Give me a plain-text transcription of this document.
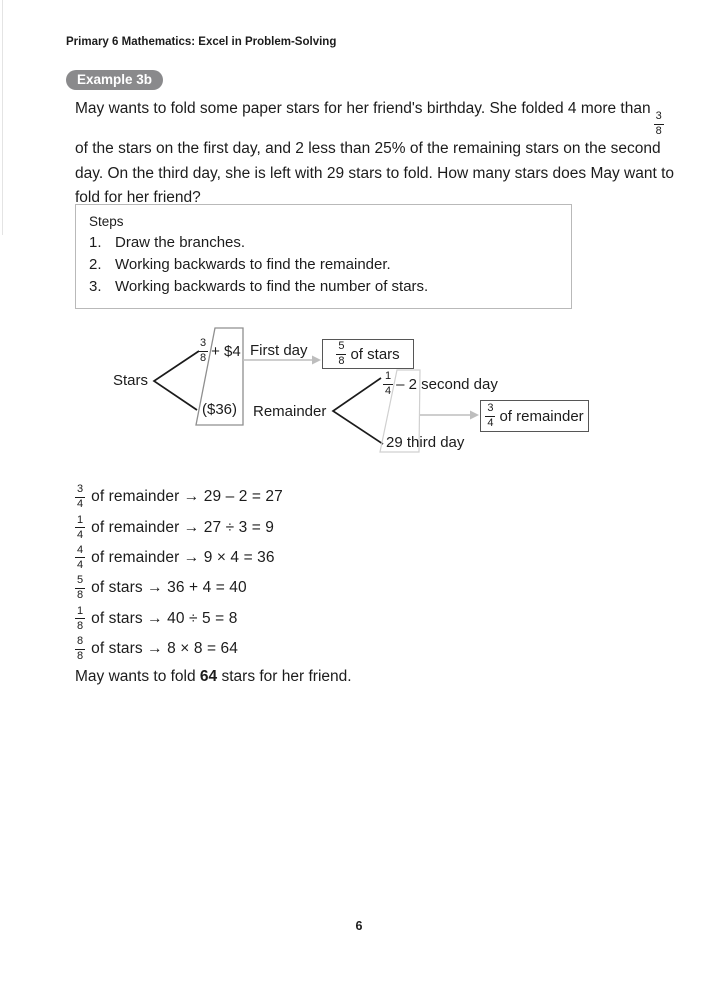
Primary 6 Mathematics: Excel in Problem-Solving
Example 3b
May wants to fold some paper stars for her friend's birthday. She folded 4 more than
$\frac{3}{8}$
of the stars on the first day, and 2 less than 25% of the remaining stars on the second
day. On the third day, she is left with 29 stars to fold. How many stars does May want to
fold for her friend?
Steps
1. Draw the branches.
2. Working backwards to find the remainder.
3. Working backwards to find the number of stars.
Stars
$\frac{3}{8}$ + $4
($36)
First day	$\frac{5}{8}$ of stars
Remainder
$\frac{1}{4} - 2$ second day
29 third day
$\frac{3}{4}$ of remainder
$\frac{3}{4}$ of remainder → 29 – 2 = 27
$\frac{1}{4}$ of remainder → 27 ÷ 3 = 9
$\frac{4}{4}$ of remainder → 9 × 4 = 36
$\frac{5}{8}$ of stars → 36 + 4 = 40
$\frac{1}{8}$ of stars → 40 ÷ 5 = 8
$\frac{8}{8}$ of stars → 8 × 8 = 64
May wants to fold 64 stars for her friend.
6
